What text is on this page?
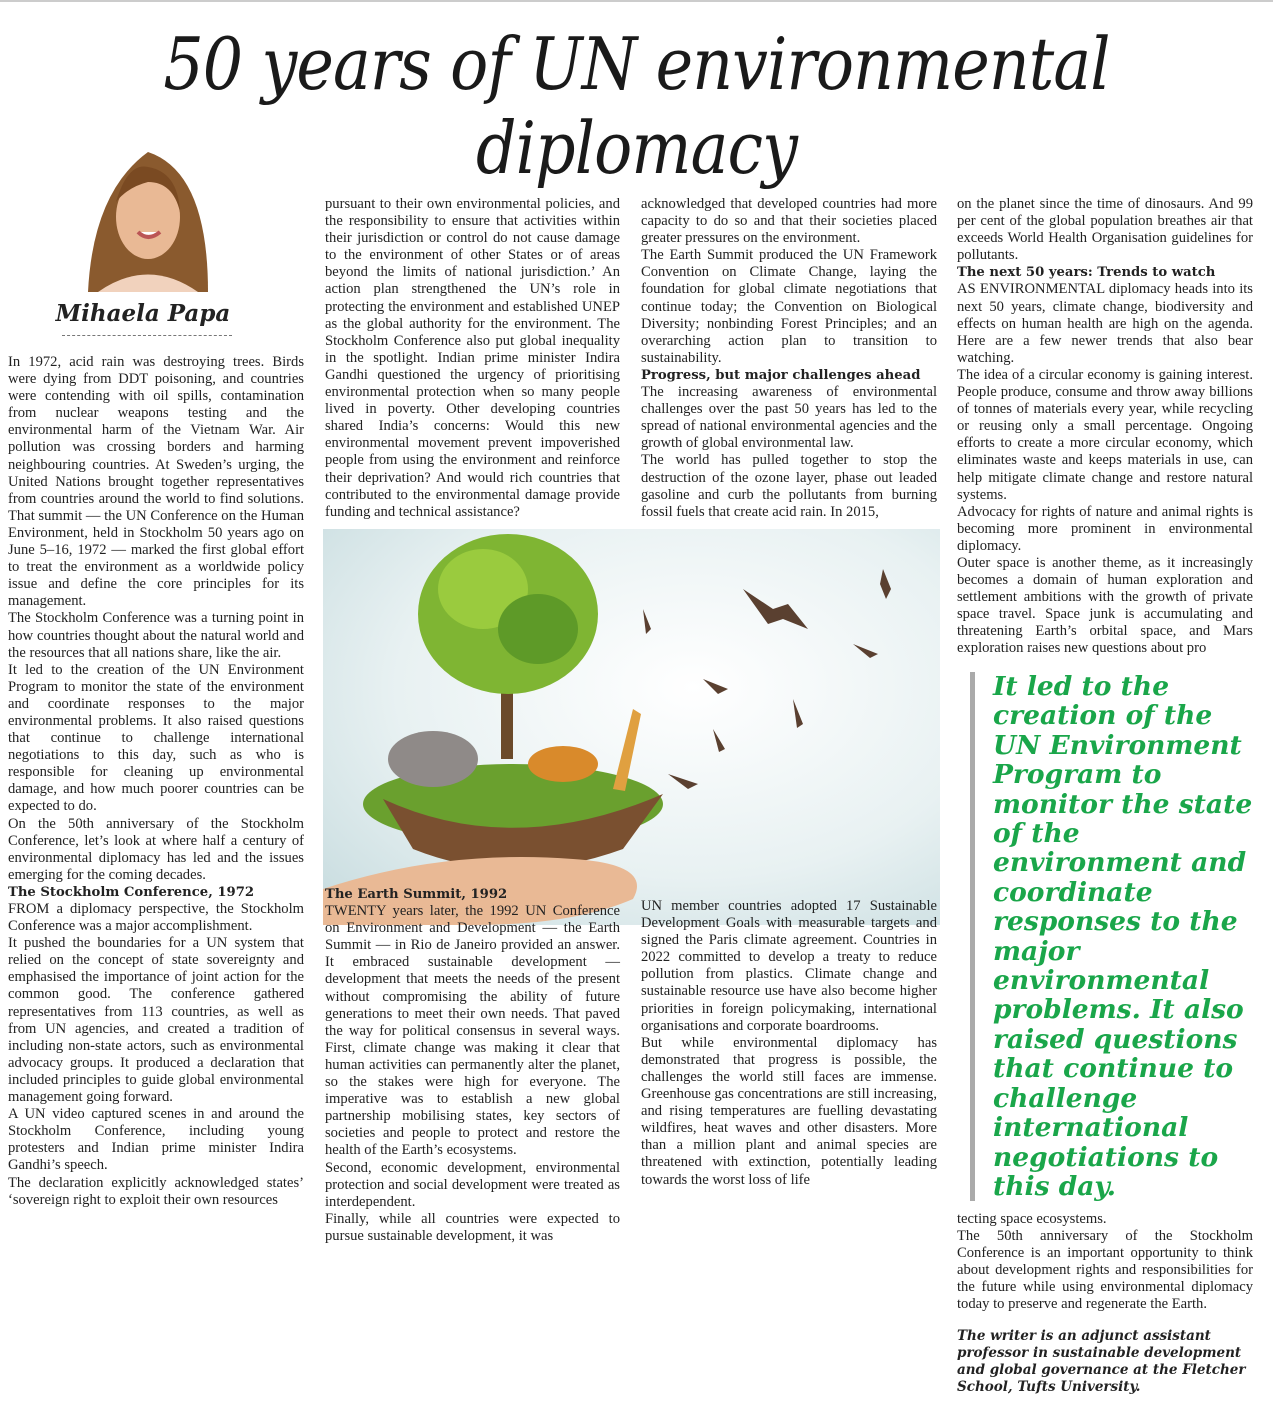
50 years of UN environmental diplomacy
Mihaela Papa

In 1972, acid rain was destroying trees. Birds were dying from DDT poisoning, and countries were contending with oil spills, contamination from nuclear weapons testing and the environmental harm of the Vietnam War. Air pollution was crossing borders and harming neighbouring countries. At Sweden’s urging, the United Nations brought together representatives from countries around the world to find solutions. That summit — the UN Conference on the Human Environment, held in Stockholm 50 years ago on June 5–16, 1972 — marked the first global effort to treat the environment as a worldwide policy issue and define the core principles for its management.

The Stockholm Conference was a turning point in how countries thought about the natural world and the resources that all nations share, like the air.

It led to the creation of the UN Environment Program to monitor the state of the environment and coordinate responses to the major environmental problems. It also raised questions that continue to challenge international negotiations to this day, such as who is responsible for cleaning up environmental damage, and how much poorer countries can be expected to do.

On the 50th anniversary of the Stockholm Conference, let’s look at where half a century of environmental diplomacy has led and the issues emerging for the coming decades.

The Stockholm Conference, 1972

FROM a diplomacy perspective, the Stockholm Conference was a major accomplishment.

It pushed the boundaries for a UN system that relied on the concept of state sovereignty and emphasised the importance of joint action for the common good. The conference gathered representatives from 113 countries, as well as from UN agencies, and created a tradition of including non-state actors, such as environmental advocacy groups. It produced a declaration that included principles to guide global environmental management going forward.

A UN video captured scenes in and around the Stockholm Conference, including young protesters and Indian prime minister Indira Gandhi’s speech.

The declaration explicitly acknowledged states’ ‘sovereign right to exploit their own resources

pursuant to their own environmental policies, and the responsibility to ensure that activities within their jurisdiction or control do not cause damage to the environment of other States or of areas beyond the limits of national jurisdiction.’ An action plan strengthened the UN’s role in protecting the environment and established UNEP as the global authority for the environment. The Stockholm Conference also put global inequality in the spotlight. Indian prime minister Indira Gandhi questioned the urgency of prioritising environmental protection when so many people lived in poverty. Other developing countries shared India’s concerns: Would this new environmental movement prevent impoverished people from using the environment and reinforce their deprivation? And would rich countries that contributed to the environmental damage provide funding and technical assistance?

acknowledged that developed countries had more capacity to do so and that their societies placed greater pressures on the environment.

The Earth Summit produced the UN Framework Convention on Climate Change, laying the foundation for global climate negotiations that continue today; the Convention on Biological Diversity; nonbinding Forest Principles; and an overarching action plan to transition to sustainability.

Progress, but major challenges ahead

The increasing awareness of environmental challenges over the past 50 years has led to the spread of national environmental agencies and the growth of global environmental law.

The world has pulled together to stop the destruction of the ozone layer, phase out leaded gasoline and curb the pollutants from burning fossil fuels that create acid rain. In 2015,

The Earth Summit, 1992

TWENTY years later, the 1992 UN Conference on Environment and Development — the Earth Summit — in Rio de Janeiro provided an answer. It embraced sustainable development — development that meets the needs of the present without compromising the ability of future generations to meet their own needs. That paved the way for political consensus in several ways. First, climate change was making it clear that human activities can permanently alter the planet, so the stakes were high for everyone. The imperative was to establish a new global partnership mobilising states, key sectors of societies and people to protect and restore the health of the Earth’s ecosystems.

Second, economic development, environmental protection and social development were treated as interdependent.

Finally, while all countries were expected to pursue sustainable development, it was

UN member countries adopted 17 Sustainable Development Goals with measurable targets and signed the Paris climate agreement. Countries in 2022 committed to develop a treaty to reduce pollution from plastics. Climate change and sustainable resource use have also become higher priorities in foreign policymaking, international organisations and corporate boardrooms.

But while environmental diplomacy has demonstrated that progress is possible, the challenges the world still faces are immense. Greenhouse gas concentrations are still increasing, and rising temperatures are fuelling devastating wildfires, heat waves and other disasters. More than a million plant and animal species are threatened with extinction, potentially leading towards the worst loss of life

on the planet since the time of dinosaurs. And 99 per cent of the global population breathes air that exceeds World Health Organisation guidelines for pollutants.

The next 50 years: Trends to watch

AS ENVIRONMENTAL diplomacy heads into its next 50 years, climate change, biodiversity and effects on human health are high on the agenda. Here are a few newer trends that also bear watching.

The idea of a circular economy is gaining interest. People produce, consume and throw away billions of tonnes of materials every year, while recycling or reusing only a small percentage. Ongoing efforts to create a more circular economy, which eliminates waste and keeps materials in use, can help mitigate climate change and restore natural systems.

Advocacy for rights of nature and animal rights is becoming more prominent in environmental diplomacy.

Outer space is another theme, as it increasingly becomes a domain of human exploration and settlement ambitions with the growth of private space travel. Space junk is accumulating and threatening Earth’s orbital space, and Mars exploration raises new questions about pro

It led to the creation of the UN Environment Program to monitor the state of the environment and coordinate responses to the major environmental problems. It also raised questions that continue to challenge international negotiations to this day.

tecting space ecosystems.

The 50th anniversary of the Stockholm Conference is an important opportunity to think about development rights and responsibilities for the future while using environmental diplomacy today to preserve and regenerate the Earth.

The writer is an adjunct assistant professor in sustainable development and global governance at the Fletcher School, Tufts University.
